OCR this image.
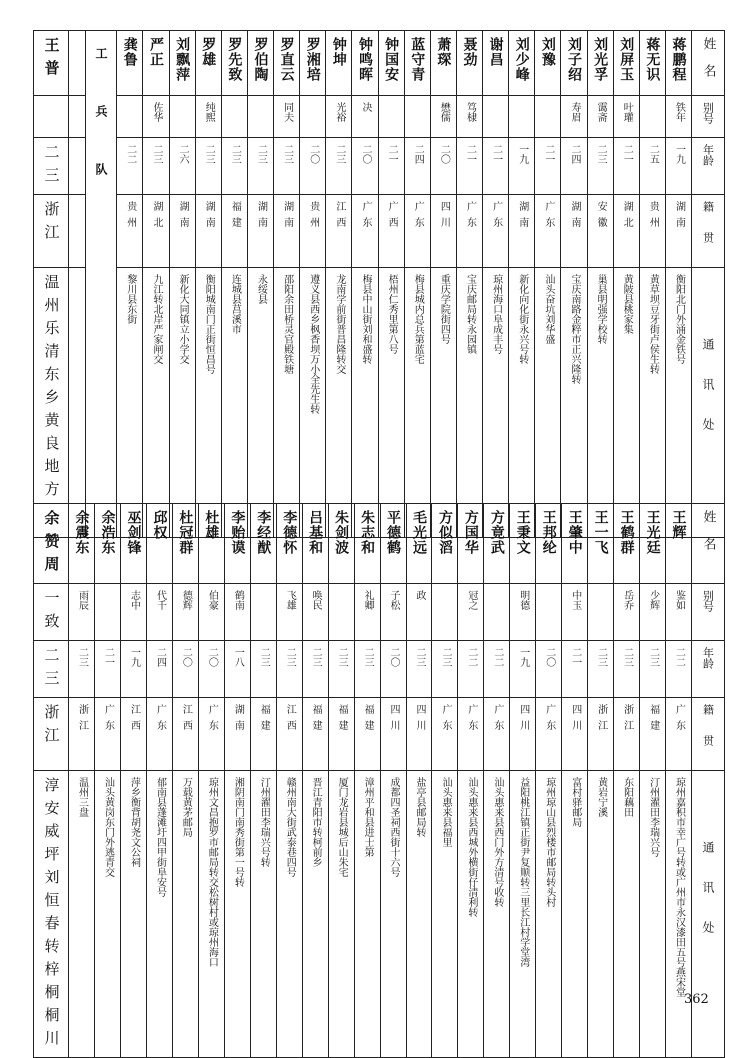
姓名	蒋鹏程	蒋无识	刘屏玉	刘光孚	刘子绍	刘豫	刘少峰	谢昌	聂劲	萧琛	蓝守青	钟国安	钟鸣晖	钟坤	罗湘培	罗直云	罗伯陶	罗先致	罗雄	刘飘萍	严正	龚鲁	工兵队		王普
别号	铁年		叶瓘	霭斋	寿眉				笃棣	懋儒			决	光裕		同夫			纯熙		佐华				
年龄	一九	二五	二一	二三	二四	二一	一九	二一	二一	二〇	二四	二一	二〇	二三	二〇	二三	二三	二三	二三	二六	二三	二二			二三
籍贯	湖南	贵州	湖北	安徽	湖南	广东	湖南	广东	广东	四川	广东	广西	广东	江西	贵州	湖南	湖南	福建	湖南	湖南	湖北	贵州			浙江
通讯处	衡阳北门外涌金铁号	黄草坝豆牙街卢侯生转	黄陂县桃家集	巢县明强学校转	宝庆南路金粹市正兴隆转	汕头奋坑刘华盛	新化向化街永兴号转	琼州海口阜成丰号	宝庆邮局转永园镇	重庆学院街四号	梅县城内总兵第蓝宅	梧州仁秀里第八号	梅县中山街刘和盛转	龙南学前街普昌隆转交	遵义县西乡枫香坝万小全先生转	邵阳余田桥灵官殿铁塘	永绥县	连城县莒溪市	衡阳城南门正街恒昌号	新化大同镇立小学交	九江转北岸严家闸交	黎川县东街			温州乐清东乡黄良地方
姓名	王辉	王光廷	王鹤群	王一飞	王肇中	王邦纶	王秉文	方竟武	方国华	方似滔	毛光远	平德鹤	朱志和	朱剑波	吕基和	李德怀	李经猷	李贻谟	杜雄	杜冠群	邱权	巫剑锋	余浩东	余震东	余赞周
别号	鉴如	少辉	岳乔		中玉		明德		冠之		政	子松	礼卿		唤民	飞雄		鹤南	伯豪	德辉	代千	志中		雨辰	一致
年龄	二二	二三	二三	二三	二一	二〇	一九	二二	二二	二三	二三	二〇	二三	二三	二三	二三	二三	一八	二〇	二〇	二四	一九	二一	二三	二三
籍贯	广东	福建	浙江	浙江	四川	广东	四川	广东	广东	广东	四川	四川	福建	福建	福建	江西	福建	湖南	广东	江西	广东	江西	广东	浙江	浙江
通讯处	琼州嘉积市幸广号转或广州市永汉漆田五号燕宋堂	汀州濯田李瑞兴号	东阳藕田	黄岩宁溪	富村驿邮局	琼州琼山县烈楼市邮局转头村	益阳桃江镇正街尹复顺转三里长江村学堂湾	汕头惠来县西门外方清号收转	汕头惠来县西城外横街仔清利转	汕头惠来县福里	盐亭县邮局转	成都四圣祠西街十六号	漳州平和县进士第	厦门龙岩县城后山朱宅	晋江青阳市转柯前乡	赣州南大街武泰巷四号	汀州濯田李瑞兴号转	湘阴南门南秀街第一号转	琼州文昌抱罗市邮局转交松树村或琼州海口	万载黄茅邮局	郁南县蓬滩圩四甲街阜安号	萍乡衡背胡尧文公祠	汕头黄岗东门外逃青交	温州三盘	淳安威坪刘恒春转梓桐桐川	362
